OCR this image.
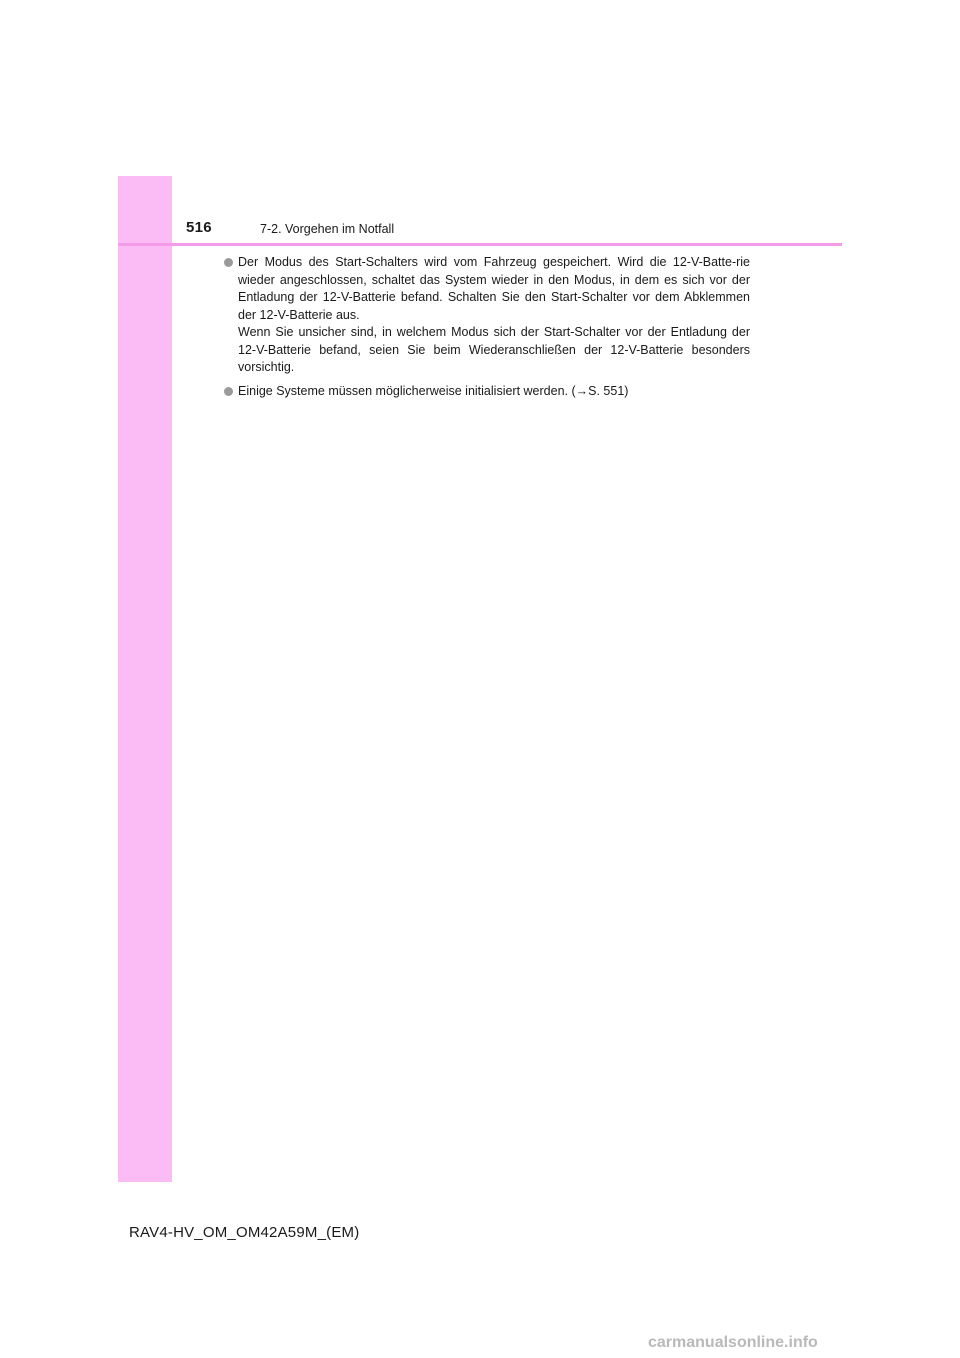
516	7-2. Vorgehen im Notfall
Der Modus des Start-Schalters wird vom Fahrzeug gespeichert. Wird die 12-V-Batte-rie wieder angeschlossen, schaltet das System wieder in den Modus, in dem es sich vor der Entladung der 12-V-Batterie befand. Schalten Sie den Start-Schalter vor dem Abklemmen der 12-V-Batterie aus.
Wenn Sie unsicher sind, in welchem Modus sich der Start-Schalter vor der Entladung der 12-V-Batterie befand, seien Sie beim Wiederanschließen der 12-V-Batterie besonders vorsichtig.
Einige Systeme müssen möglicherweise initialisiert werden. (→S. 551)
RAV4-HV_OM_OM42A59M_(EM)
carmanualsonline.info
